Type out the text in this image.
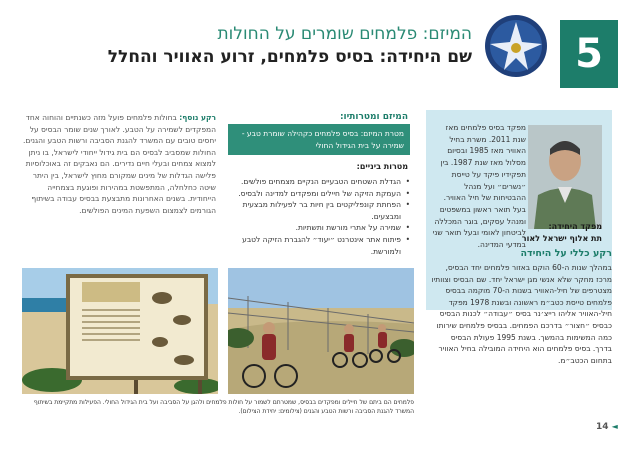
5
המיזם: פלמחים שומרים על החולות
שם היחידה: בסיס פלמחים, זרוע האוויר והחלל
מפקד בסיס פלמחים מאז שנת 2011. משרת בחיל האוויר מאז 1985 ובסיום מסלול מאז שנת 1987. בין תפקידיו פיקד על טייסת ״נשרים״ ועל מנהל ההבטיחות של חיל האוויר. בעל תואר ראשון במשפטים ומנהל עסקים, בוגר המכללה לביטחון לאומי ובעל תואר שני במדעי המדינה.
מפקד היחידה:
תת אלוף ישראל לאור
רקע כללי על היחידה
במהלך שנות ה-60 הוקם באזור פלמחים יחד הבסיס, מרכז מחקר שלא אנשי מגן ישראל יחד. שם הבסיס וצוותיו מצטרפים של חיל-האוויר בשנות ה-70 מוקמה בבסיס פלמחים טייסת כטב״מ ראשונה ובשנת 1978 מפקד חיל-האוויר אליהו רייצ׳נר בסיס ״עבודה״ לכנות הבסיס כבסיס ״חצור״ בדרכם הפמחים. בבסיס פלמחים שירותו כמה המשימות בהמשך. בשנת 1995 פעולת הבסיס בדרך. בסיס פלמחים הוא היחידה המובילה בחיל האוויר בתחום הכטב״מ.
המיזם ומטרותיו:
מטרת המיזם: בסיס פלמחים כקהילה שומרת טבע - שמירה על בית הגידול החולי
מטרות ביניים:
• הגדלת השטחים הטבעיים הנקיים מצמחים פולשים.
• העמקת הזיקה של חיילים ומפקדים למדינה ולבסיס.
• הפחתת קונפליקטים בין חיות בר לפעילות מבצעית ומבצעים.
• שמירה על אתרי מורשת ותשתיות.
• פיתוח אתר אינטרנט ״יעוד״ להגברת הזיקה לטבע ולמורשת.
רקע נוסף: בחולות פלמחים פועל מזה כשנתיים והוחוה אחד המפקדים לשמירה על הטבע. לאורך שנים שומר הבסיס על יחסים טובים עם המשרד להגנת הסביבה ורשות הטבע והגנים. החולות שמסביב לבסיס הם בית גידול ייחודי לישראל, בו ניתן למצוא צמחים ובעלי חיים נדירים. הם נאבקים זה באוכלוסיות פלישה הגדלות של מינים שמקורם מחוץ לישראל, בין היתר שיטה כחלחלה, המתפשטת במהירות ופוגעת בצמחייה הייחודית. בשנים האחרונות מתבצעת בבסיס עבודה בשיתוף הגורמים לצמצום השפעת המינים הפולשים.
פלמחים הם ביתם של חיילים ומפקדים בבסיס, שמטרתם לשמור על חולות פלמחים ולהגן על הסביבה ועל בית הגידול החולי. הפעילות מתקיימת בשיתוף המשרד להגנת הסביבה ורשות הטבע והגנים (צילומים: יחידת הצילום).
14 ◄
